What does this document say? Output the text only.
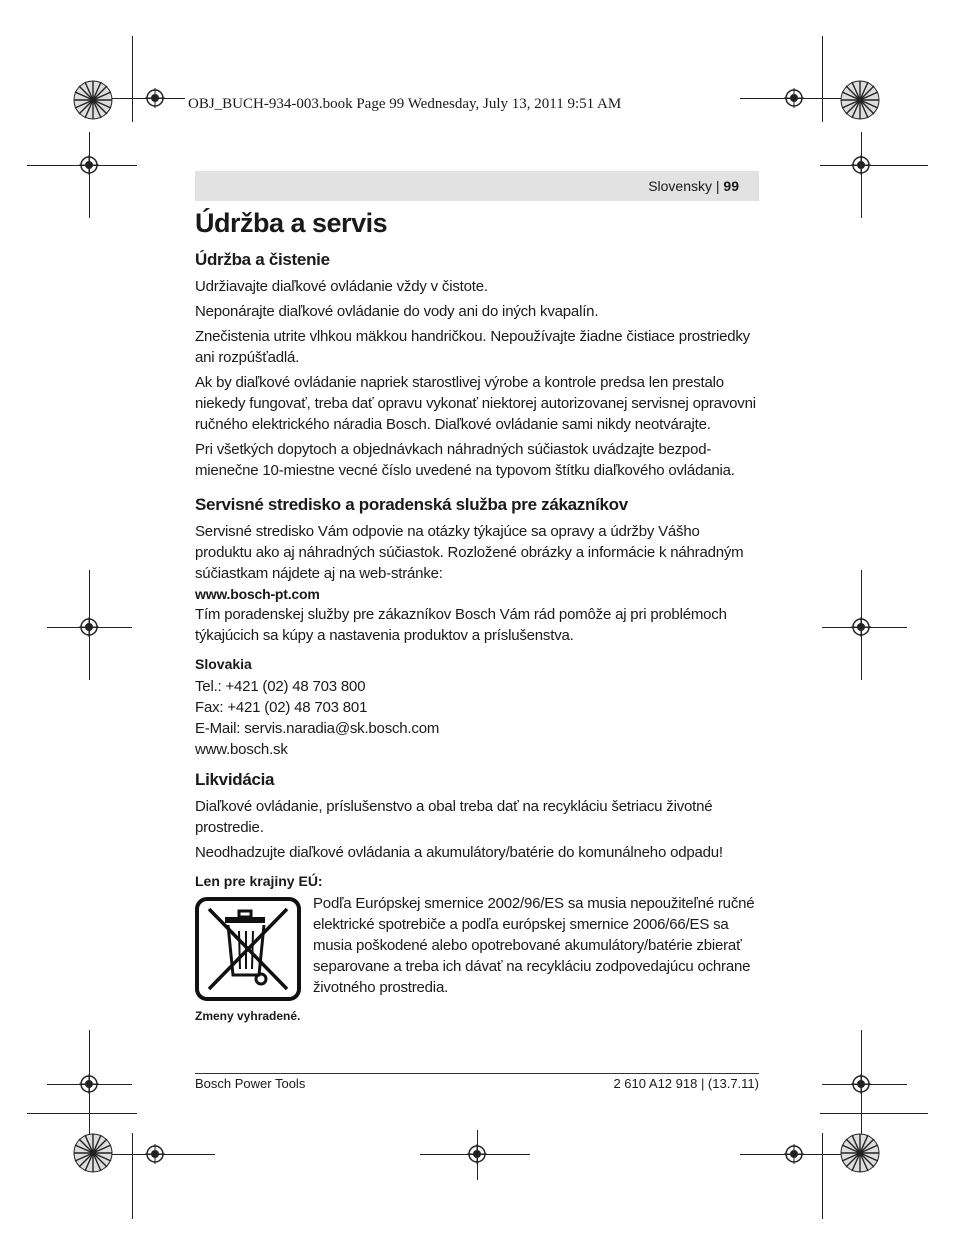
OBJ_BUCH-934-003.book Page 99 Wednesday, July 13, 2011 9:51 AM
Slovensky | 99
Údržba a servis
Údržba a čistenie

Udržiavajte diaľkové ovládanie vždy v čistote.

Neponárajte diaľkové ovládanie do vody ani do iných kvapalín.

Znečistenia utrite vlhkou mäkkou handričkou. Nepoužívajte žiadne čistiace prostriedky ani rozpúšťadlá.

Ak by diaľkové ovládanie napriek starostlivej výrobe a kontrole predsa len prestalo niekedy fungovať, treba dať opravu vykonať niektorej autorizovanej servisnej opravovni ručného elektrického náradia Bosch. Diaľkové ovládanie sami nikdy neotvárajte.

Pri všetkých dopytoch a objednávkach náhradných súčiastok uvádzajte bezpod-mienečne 10-miestne vecné číslo uvedené na typovom štítku diaľkového ovládania.

Servisné stredisko a poradenská služba pre zákazníkov

Servisné stredisko Vám odpovie na otázky týkajúce sa opravy a údržby Vášho produktu ako aj náhradných súčiastok. Rozložené obrázky a informácie k náhradným súčiastkam nájdete aj na web-stránke:

www.bosch-pt.com

Tím poradenskej služby pre zákazníkov Bosch Vám rád pomôže aj pri problémoch týkajúcich sa kúpy a nastavenia produktov a príslušenstva.

Slovakia

Tel.: +421 (02) 48 703 800

Fax: +421 (02) 48 703 801

E-Mail: servis.naradia@sk.bosch.com

www.bosch.sk

Likvidácia

Diaľkové ovládanie, príslušenstvo a obal treba dať na recykláciu šetriacu životné prostredie.

Neodhadzujte diaľkové ovládania a akumulátory/batérie do komunálneho odpadu!

Len pre krajiny EÚ:
Podľa Európskej smernice 2002/96/ES sa musia nepoužiteľné ručné elektrické spotrebiče a podľa európskej smernice 2006/66/ES sa musia poškodené alebo opotrebované akumulátory/batérie zbierať separovane a treba ich dávať na recykláciu zodpovedajúcu ochrane životného prostredia.
Zmeny vyhradené.
Bosch Power Tools	2 610 A12 918 | (13.7.11)
